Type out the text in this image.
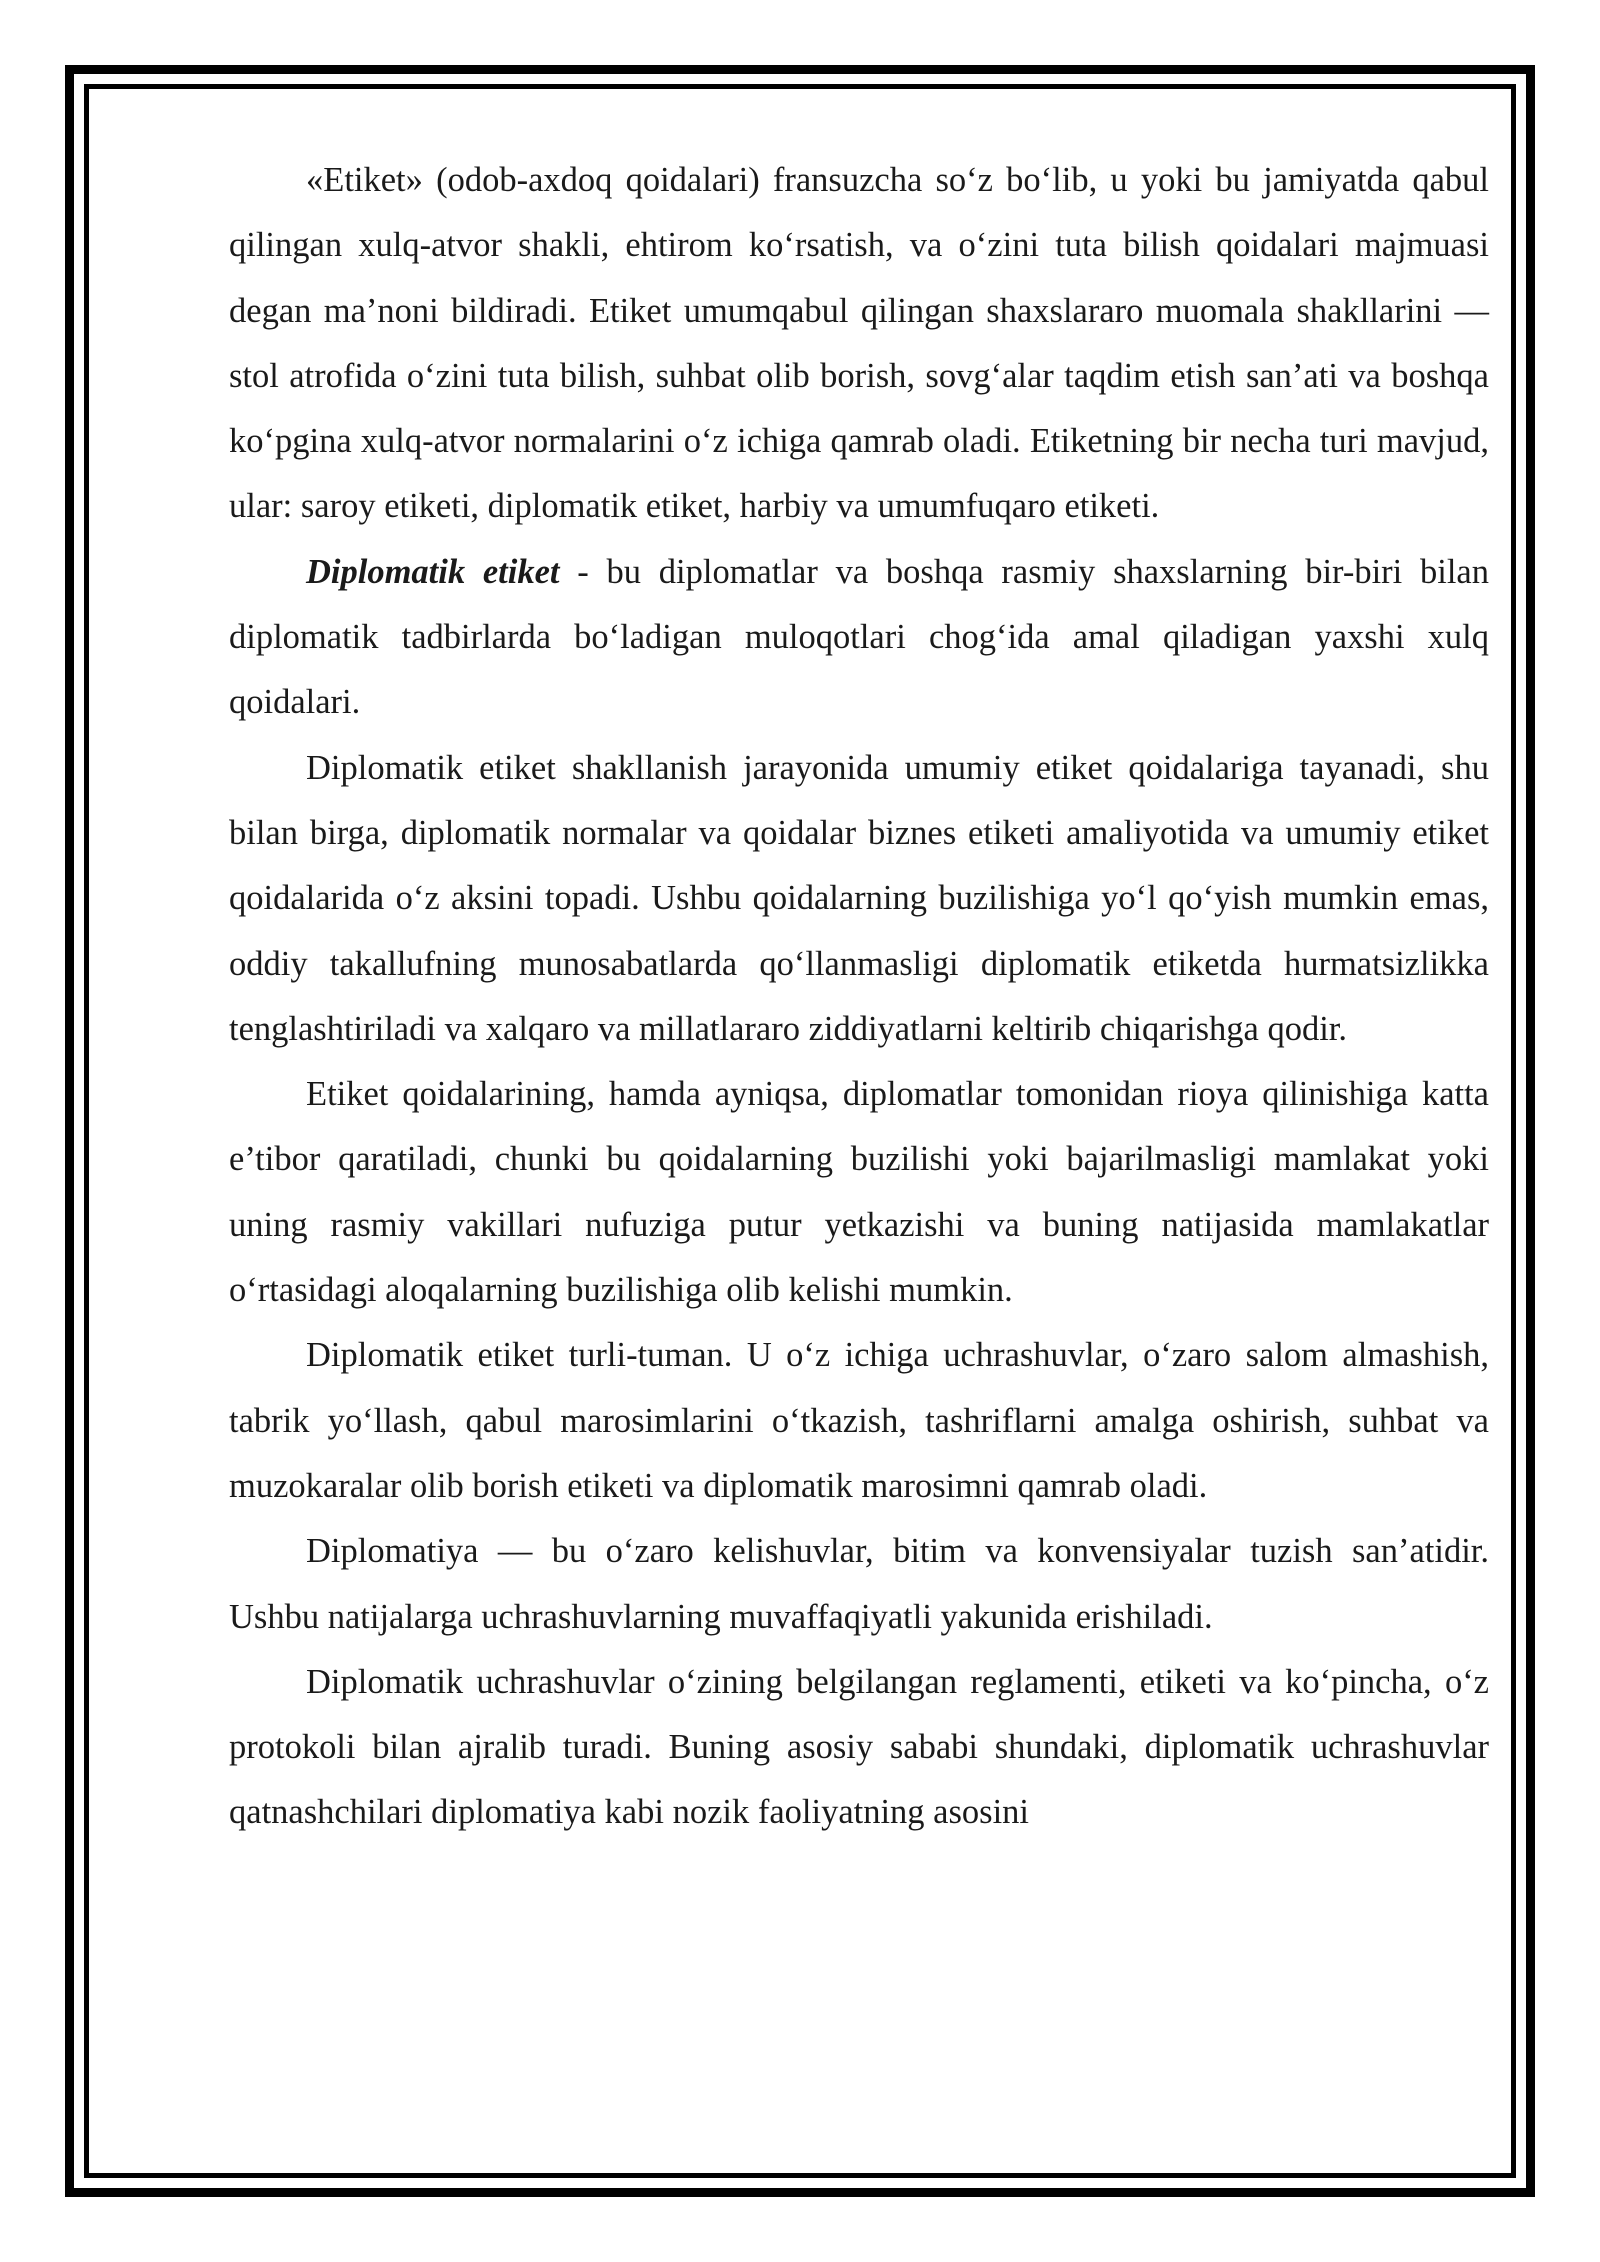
«Etiket» (odob-axdoq qoidalari) fransuzcha so‘z bo‘lib, u yoki bu jamiyatda qabul qilingan xulq-atvor shakli, ehtirom ko‘rsatish, va o‘zini tuta bilish qoidalari majmuasi degan ma’noni bildiradi. Etiket umumqabul qilingan shaxslararo muomala shakllarini — stol atrofida o‘zini tuta bilish, suhbat olib borish, sovg‘alar taqdim etish san’ati va boshqa ko‘pgina xulq-atvor normalarini o‘z ichiga qamrab oladi. Etiketning bir necha turi mavjud, ular: saroy etiketi, diplomatik etiket, harbiy va umumfuqaro etiketi.

Diplomatik etiket - bu diplomatlar va boshqa rasmiy shaxslarning bir-biri bilan diplomatik tadbirlarda bo‘ladigan muloqotlari chog‘ida amal qiladigan yaxshi xulq qoidalari.

Diplomatik etiket shakllanish jarayonida umumiy etiket qoidalariga tayanadi, shu bilan birga, diplomatik normalar va qoidalar biznes etiketi amaliyotida va umumiy etiket qoidalarida o‘z aksini topadi. Ushbu qoidalarning buzilishiga yo‘l qo‘yish mumkin emas, oddiy takallufning munosabatlarda qo‘llanmasligi diplomatik etiketda hurmatsizlikka tenglashtiriladi va xalqaro va millatlararo ziddiyatlarni keltirib chiqarishga qodir.

Etiket qoidalarining, hamda ayniqsa, diplomatlar tomonidan rioya qilinishiga katta e’tibor qaratiladi, chunki bu qoidalarning buzilishi yoki bajarilmasligi mamlakat yoki uning rasmiy vakillari nufuziga putur yetkazishi va buning natijasida mamlakatlar o‘rtasidagi aloqalarning buzilishiga olib kelishi mumkin.

Diplomatik etiket turli-tuman. U o‘z ichiga uchrashuvlar, o‘zaro salom almashish, tabrik yo‘llash, qabul marosimlarini o‘tkazish, tashriflarni amalga oshirish, suhbat va muzokaralar olib borish etiketi va diplomatik marosimni qamrab oladi.

Diplomatiya — bu o‘zaro kelishuvlar, bitim va konvensiyalar tuzish san’atidir. Ushbu natijalarga uchrashuvlarning muvaffaqiyatli yakunida erishiladi.

Diplomatik uchrashuvlar o‘zining belgilangan reglamenti, etiketi va ko‘pincha, o‘z protokoli bilan ajralib turadi. Buning asosiy sababi shundaki, diplomatik uchrashuvlar qatnashchilari diplomatiya kabi nozik faoliyatning asosini
